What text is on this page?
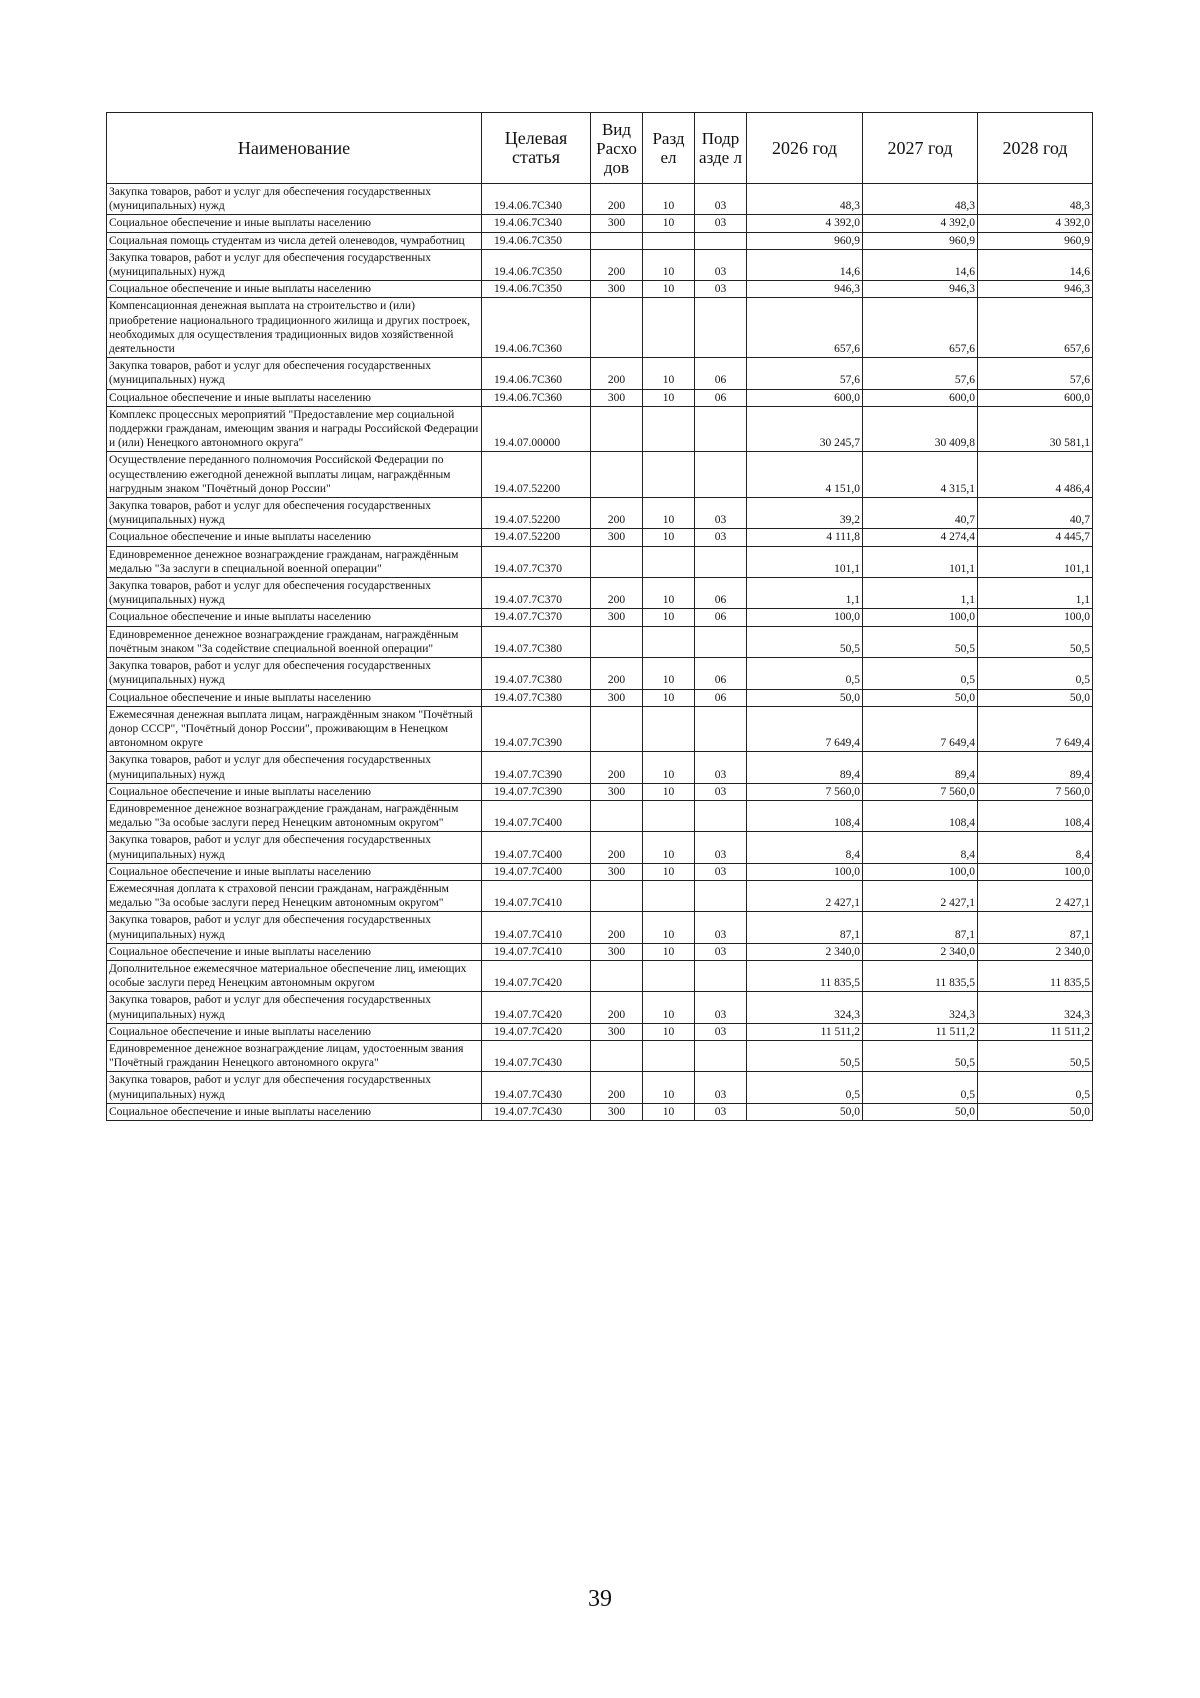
Наименование	Целевая статья	Вид Расхо дов	Разд ел	Подр азде л	2026 год	2027 год	2028 год
Закупка товаров, работ и услуг для обеспечения государственных (муниципальных) нужд	19.4.06.7С340	200	10	03	48,3	48,3	48,3
Социальное обеспечение и иные выплаты населению	19.4.06.7С340	300	10	03	4 392,0	4 392,0	4 392,0
Социальная помощь студентам из числа детей оленеводов, чумработниц	19.4.06.7С350				960,9	960,9	960,9
Закупка товаров, работ и услуг для обеспечения государственных (муниципальных) нужд	19.4.06.7С350	200	10	03	14,6	14,6	14,6
Социальное обеспечение и иные выплаты населению	19.4.06.7С350	300	10	03	946,3	946,3	946,3
Компенсационная денежная выплата на строительство и (или) приобретение национального традиционного жилища и других построек, необходимых для осуществления традиционных видов хозяйственной деятельности	19.4.06.7С360				657,6	657,6	657,6
Закупка товаров, работ и услуг для обеспечения государственных (муниципальных) нужд	19.4.06.7С360	200	10	06	57,6	57,6	57,6
Социальное обеспечение и иные выплаты населению	19.4.06.7С360	300	10	06	600,0	600,0	600,0
Комплекс процессных мероприятий "Предоставление мер социальной поддержки гражданам, имеющим звания и награды Российской Федерации и (или) Ненецкого автономного округа"	19.4.07.00000				30 245,7	30 409,8	30 581,1
Осуществление переданного полномочия Российской Федерации по осуществлению ежегодной денежной выплаты лицам, награждённым нагрудным знаком "Почётный донор России"	19.4.07.52200				4 151,0	4 315,1	4 486,4
Закупка товаров, работ и услуг для обеспечения государственных (муниципальных) нужд	19.4.07.52200	200	10	03	39,2	40,7	40,7
Социальное обеспечение и иные выплаты населению	19.4.07.52200	300	10	03	4 111,8	4 274,4	4 445,7
Единовременное денежное вознаграждение гражданам, награждённым медалью "За заслуги в специальной военной операции"	19.4.07.7С370				101,1	101,1	101,1
Закупка товаров, работ и услуг для обеспечения государственных (муниципальных) нужд	19.4.07.7С370	200	10	06	1,1	1,1	1,1
Социальное обеспечение и иные выплаты населению	19.4.07.7С370	300	10	06	100,0	100,0	100,0
Единовременное денежное вознаграждение гражданам, награждённым почётным знаком "За содействие специальной военной операции"	19.4.07.7С380				50,5	50,5	50,5
Закупка товаров, работ и услуг для обеспечения государственных (муниципальных) нужд	19.4.07.7С380	200	10	06	0,5	0,5	0,5
Социальное обеспечение и иные выплаты населению	19.4.07.7С380	300	10	06	50,0	50,0	50,0
Ежемесячная денежная выплата лицам, награждённым знаком "Почётный донор СССР", "Почётный донор России", проживающим в Ненецком автономном округе	19.4.07.7С390				7 649,4	7 649,4	7 649,4
Закупка товаров, работ и услуг для обеспечения государственных (муниципальных) нужд	19.4.07.7С390	200	10	03	89,4	89,4	89,4
Социальное обеспечение и иные выплаты населению	19.4.07.7С390	300	10	03	7 560,0	7 560,0	7 560,0
Единовременное денежное вознаграждение гражданам, награждённым медалью "За особые заслуги перед Ненецким автономным округом"	19.4.07.7С400				108,4	108,4	108,4
Закупка товаров, работ и услуг для обеспечения государственных (муниципальных) нужд	19.4.07.7С400	200	10	03	8,4	8,4	8,4
Социальное обеспечение и иные выплаты населению	19.4.07.7С400	300	10	03	100,0	100,0	100,0
Ежемесячная доплата к страховой пенсии гражданам, награждённым медалью "За особые заслуги перед Ненецким автономным округом"	19.4.07.7С410				2 427,1	2 427,1	2 427,1
Закупка товаров, работ и услуг для обеспечения государственных (муниципальных) нужд	19.4.07.7С410	200	10	03	87,1	87,1	87,1
Социальное обеспечение и иные выплаты населению	19.4.07.7С410	300	10	03	2 340,0	2 340,0	2 340,0
Дополнительное ежемесячное материальное обеспечение лиц, имеющих особые заслуги перед Ненецким автономным округом	19.4.07.7С420				11 835,5	11 835,5	11 835,5
Закупка товаров, работ и услуг для обеспечения государственных (муниципальных) нужд	19.4.07.7С420	200	10	03	324,3	324,3	324,3
Социальное обеспечение и иные выплаты населению	19.4.07.7С420	300	10	03	11 511,2	11 511,2	11 511,2
Единовременное денежное вознаграждение лицам, удостоенным звания "Почётный гражданин Ненецкого автономного округа"	19.4.07.7С430				50,5	50,5	50,5
Закупка товаров, работ и услуг для обеспечения государственных (муниципальных) нужд	19.4.07.7С430	200	10	03	0,5	0,5	0,5
Социальное обеспечение и иные выплаты населению	19.4.07.7С430	300	10	03	50,0	50,0	50,0
39
